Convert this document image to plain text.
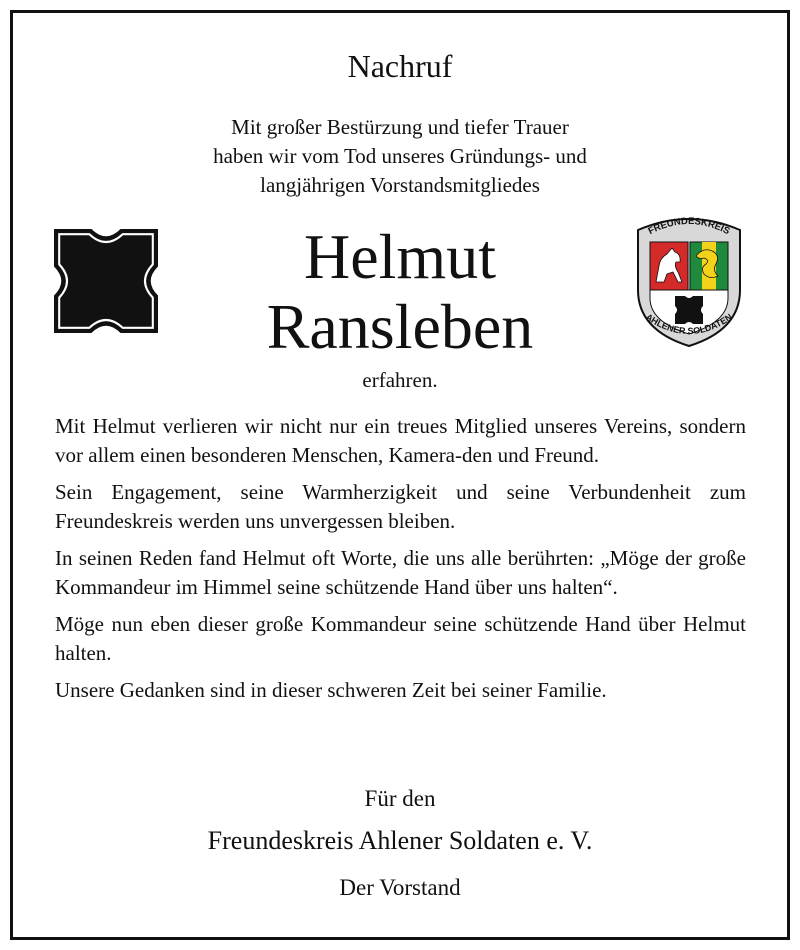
Nachruf
Mit großer Bestürzung und tiefer Trauer
haben wir vom Tod unseres Gründungs- und
langjährigen Vorstandsmitgliedes
Helmut
Ransleben
FREUNDESKREIS
AHLENER SOLDATEN
erfahren.

Mit Helmut verlieren wir nicht nur ein treues Mitglied unseres Vereins, sondern vor allem einen besonderen Menschen, Kamera-den und Freund.

Sein Engagement, seine Warmherzigkeit und seine Verbundenheit zum Freundeskreis werden uns unvergessen bleiben.

In seinen Reden fand Helmut oft Worte, die uns alle berührten: „Möge der große Kommandeur im Himmel seine schützende Hand über uns halten“.

Möge nun eben dieser große Kommandeur seine schützende Hand über Helmut halten.

Unsere Gedanken sind in dieser schweren Zeit bei seiner Familie.

Für den
Freundeskreis Ahlener Soldaten e. V.
Der Vorstand
